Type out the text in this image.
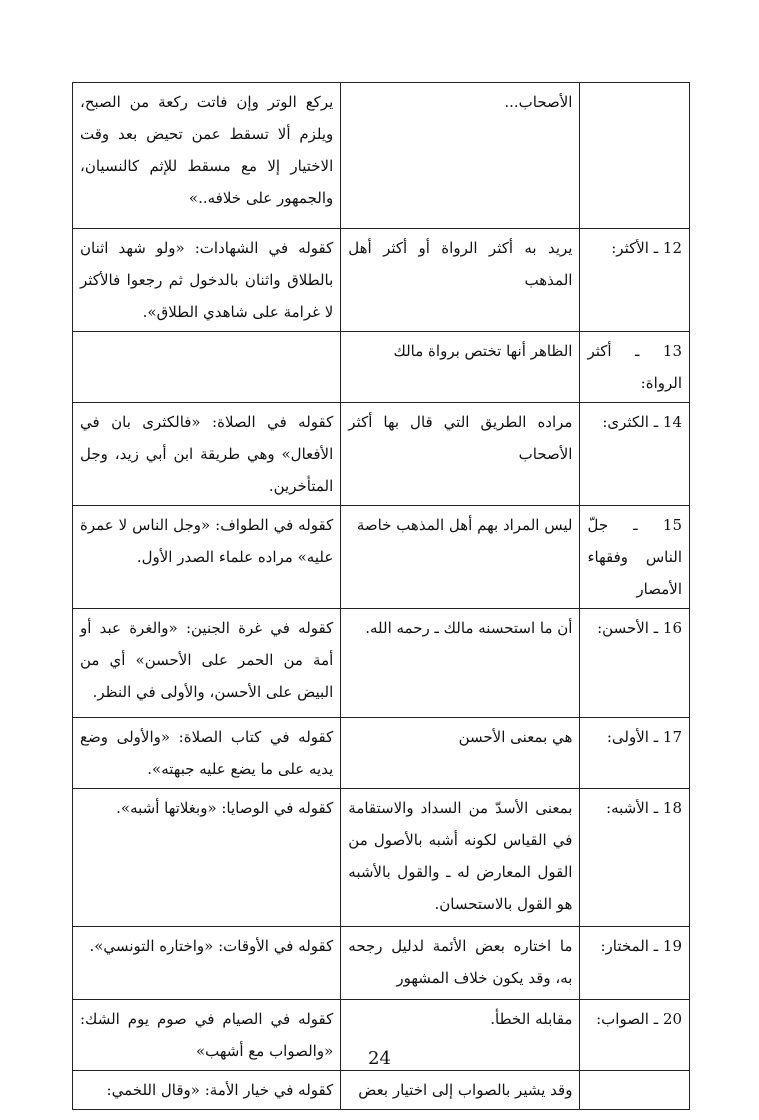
	الأصحاب...	يركع الوتر وإن فاتت ركعة من الصبح، ويلزم ألا تسقط عمن تحيض بعد وقت الاختيار إلا مع مسقط للإثم كالنسيان، والجمهور على خلافه..»
12 ـ الأكثر:	يريد به أكثر الرواة أو أكثر أهل المذهب	كقوله في الشهادات: «ولو شهد اثنان بالطلاق واثنان بالدخول ثم رجعوا فالأكثر لا غرامة على شاهدي الطلاق».
13 ـ أكثر الرواة:	الظاهر أنها تختص برواة مالك	
14 ـ الكثرى:	مراده الطريق التي قال بها أكثر الأصحاب	كقوله في الصلاة: «فالكثرى بان في الأفعال» وهي طريقة ابن أبي زيد، وجل المتأخرين.
15 ـ جلّ الناس وفقهاء الأمصار	ليس المراد بهم أهل المذهب خاصة	كقوله في الطواف: «وجل الناس لا عمرة عليه» مراده علماء الصدر الأول.
16 ـ الأحسن:	أن ما استحسنه مالك ـ رحمه الله.	كقوله في غرة الجنين: «والغرة عبد أو أمة من الحمر على الأحسن» أي من البيض على الأحسن، والأولى في النظر.
17 ـ الأولى:	هي بمعنى الأحسن	كقوله في كتاب الصلاة: «والأولى وضع يديه على ما يضع عليه جبهته».
18 ـ الأشبه:	بمعنى الأسدّ من السداد والاستقامة في القياس لكونه أشبه بالأصول من القول المعارض له ـ والقول بالأشبه هو القول بالاستحسان.	كقوله في الوصايا: «وبغلاتها أشبه».
19 ـ المختار:	ما اختاره بعض الأئمة لدليل رجحه به، وقد يكون خلاف المشهور	كقوله في الأوقات: «واختاره التونسي».
20 ـ الصواب:	مقابله الخطأ.	كقوله في الصيام في صوم يوم الشك: «والصواب مع أشهب»
	وقد يشير بالصواب إلى اختيار بعض	كقوله في خيار الأمة: «وقال اللخمي:
24
